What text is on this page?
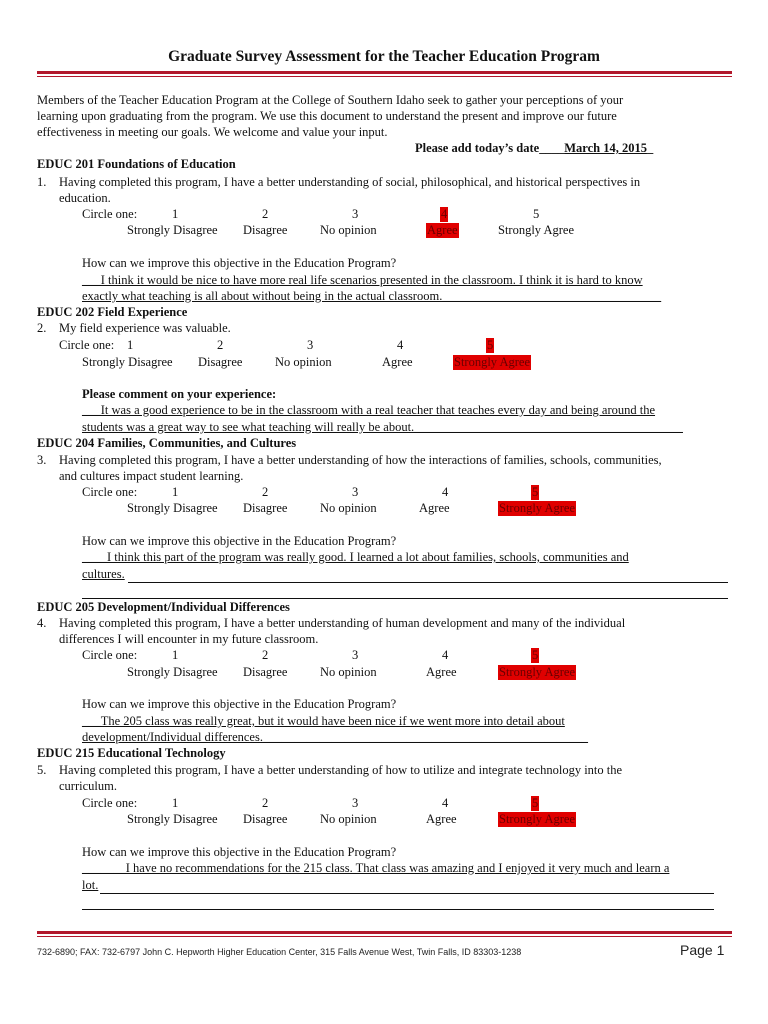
Graduate Survey Assessment for the Teacher Education Program
Members of the Teacher Education Program at the College of Southern Idaho seek to gather your perceptions of your
learning upon graduating from the program. We use this document to understand the present and improve our future
effectiveness in meeting our goals. We welcome and value your input.
Please add today’s date____March 14, 2015_
EDUC 201 Foundations of Education
1. Having completed this program, I have a better understanding of social, philosophical, and historical perspectives in
education.
Circle one:	1	2	3	4	5
Strongly Disagree Disagree	No opinion	Agree	Strongly Agree
How can we improve this objective in the Education Program?
___I think it would be nice to have more real life scenarios presented in the classroom. I think it is hard to know
exactly what teaching is all about without being in the actual classroom.___________________________________
EDUC 202 Field Experience
2. My field experience was valuable.
Circle one: 1	2	3	4	5
Strongly Disagree Disagree	No opinion	Agree	Strongly Agree
Please comment on your experience:
___It was a good experience to be in the classroom with a real teacher that teaches every day and being around the
students was a great way to see what teaching will really be about.___________________________________________
EDUC 204 Families, Communities, and Cultures
3. Having completed this program, I have a better understanding of how the interactions of families, schools, communities,
and cultures impact student learning.
Circle one:	1	2	3	4	5
Strongly Disagree Disagree	No opinion	Agree	Strongly Agree
How can we improve this objective in the Education Program?
____I think this part of the program was really good. I learned a lot about families, schools, communities and
cultures.
EDUC 205 Development/Individual Differences
4. Having completed this program, I have a better understanding of human development and many of the individual
differences I will encounter in my future classroom.
Circle one:	1	2	3	4	5
Strongly Disagree Disagree	No opinion	Agree	Strongly Agree
How can we improve this objective in the Education Program?
___The 205 class was really great, but it would have been nice if we went more into detail about
development/Individual differences.____________________________________________________
EDUC 215 Educational Technology
5. Having completed this program, I have a better understanding of how to utilize and integrate technology into the
curriculum.
Circle one:	1	2	3	4	5
Strongly Disagree Disagree	No opinion	Agree	Strongly Agree
How can we improve this objective in the Education Program?
_______I have no recommendations for the 215 class. That class was amazing and I enjoyed it very much and learn a
lot.
732-6890; FAX: 732-6797 John C. Hepworth Higher Education Center, 315 Falls Avenue West, Twin Falls, ID 83303-1238	Page 1
